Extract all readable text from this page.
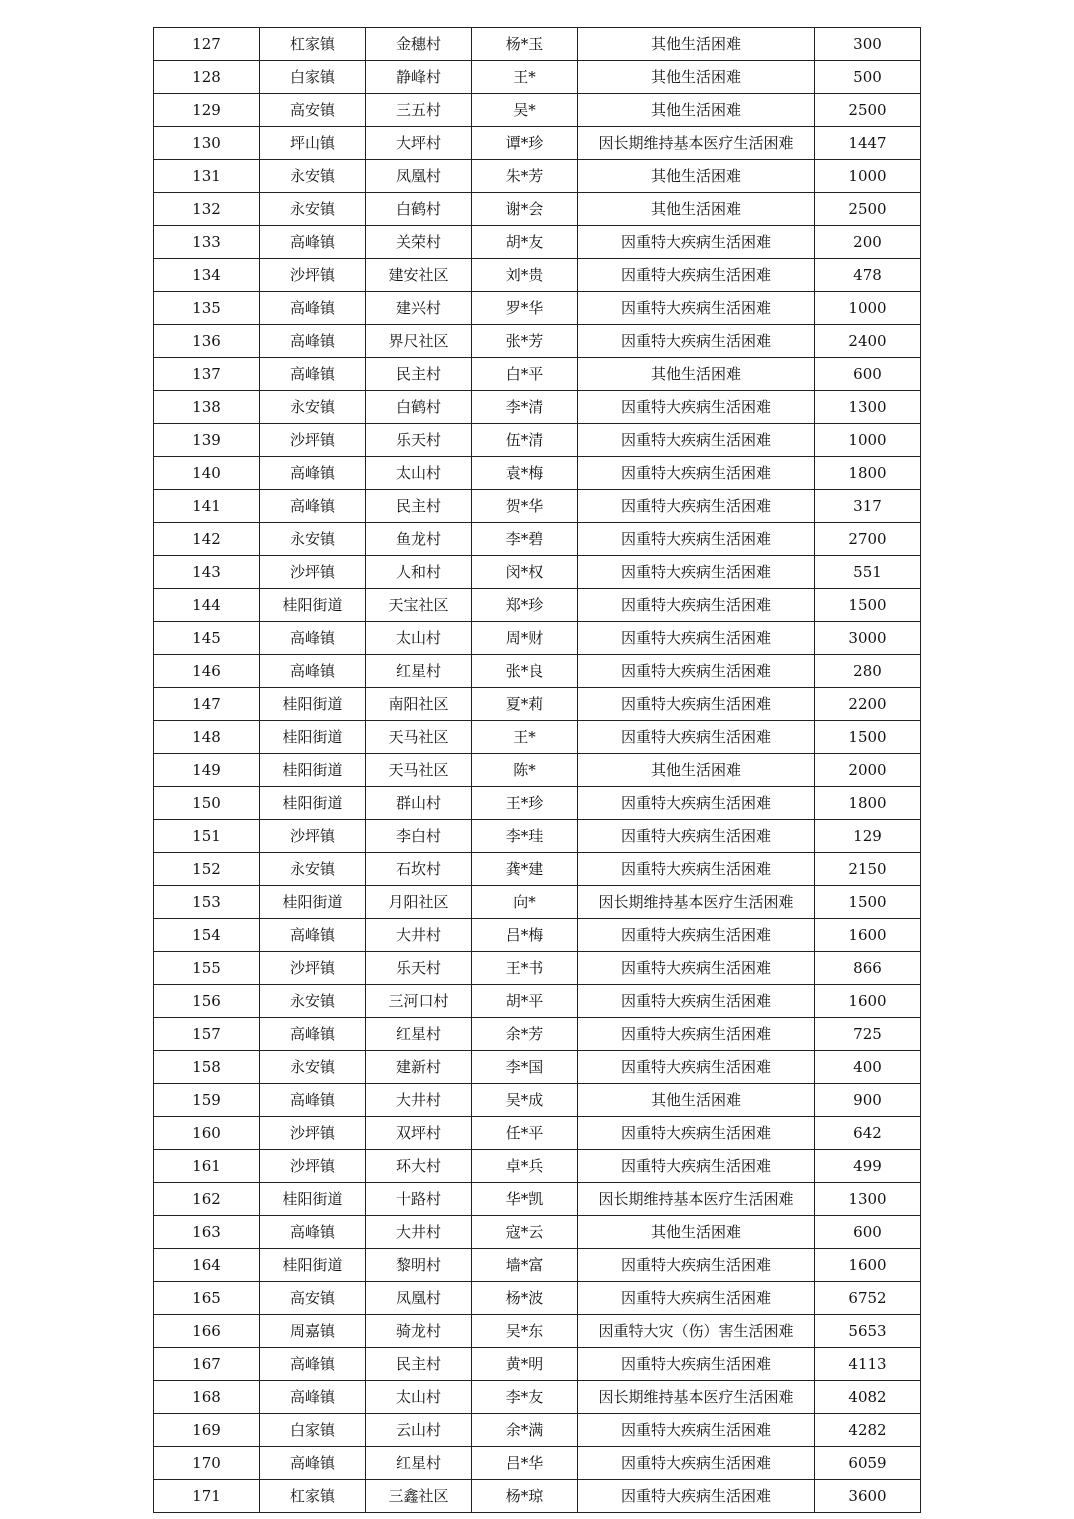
127	杠家镇	金穗村	杨*玉	其他生活困难	300
128	白家镇	静峰村	王*	其他生活困难	500
129	高安镇	三五村	吴*	其他生活困难	2500
130	坪山镇	大坪村	谭*珍	因长期维持基本医疗生活困难	1447
131	永安镇	凤凰村	朱*芳	其他生活困难	1000
132	永安镇	白鹤村	谢*会	其他生活困难	2500
133	高峰镇	关荣村	胡*友	因重特大疾病生活困难	200
134	沙坪镇	建安社区	刘*贵	因重特大疾病生活困难	478
135	高峰镇	建兴村	罗*华	因重特大疾病生活困难	1000
136	高峰镇	界尺社区	张*芳	因重特大疾病生活困难	2400
137	高峰镇	民主村	白*平	其他生活困难	600
138	永安镇	白鹤村	李*清	因重特大疾病生活困难	1300
139	沙坪镇	乐天村	伍*清	因重特大疾病生活困难	1000
140	高峰镇	太山村	袁*梅	因重特大疾病生活困难	1800
141	高峰镇	民主村	贺*华	因重特大疾病生活困难	317
142	永安镇	鱼龙村	李*碧	因重特大疾病生活困难	2700
143	沙坪镇	人和村	闵*权	因重特大疾病生活困难	551
144	桂阳街道	天宝社区	郑*珍	因重特大疾病生活困难	1500
145	高峰镇	太山村	周*财	因重特大疾病生活困难	3000
146	高峰镇	红星村	张*良	因重特大疾病生活困难	280
147	桂阳街道	南阳社区	夏*莉	因重特大疾病生活困难	2200
148	桂阳街道	天马社区	王*	因重特大疾病生活困难	1500
149	桂阳街道	天马社区	陈*	其他生活困难	2000
150	桂阳街道	群山村	王*珍	因重特大疾病生活困难	1800
151	沙坪镇	李白村	李*珪	因重特大疾病生活困难	129
152	永安镇	石坎村	龚*建	因重特大疾病生活困难	2150
153	桂阳街道	月阳社区	向*	因长期维持基本医疗生活困难	1500
154	高峰镇	大井村	吕*梅	因重特大疾病生活困难	1600
155	沙坪镇	乐天村	王*书	因重特大疾病生活困难	866
156	永安镇	三河口村	胡*平	因重特大疾病生活困难	1600
157	高峰镇	红星村	余*芳	因重特大疾病生活困难	725
158	永安镇	建新村	李*国	因重特大疾病生活困难	400
159	高峰镇	大井村	吴*成	其他生活困难	900
160	沙坪镇	双坪村	任*平	因重特大疾病生活困难	642
161	沙坪镇	环大村	卓*兵	因重特大疾病生活困难	499
162	桂阳街道	十路村	华*凯	因长期维持基本医疗生活困难	1300
163	高峰镇	大井村	寇*云	其他生活困难	600
164	桂阳街道	黎明村	墙*富	因重特大疾病生活困难	1600
165	高安镇	凤凰村	杨*波	因重特大疾病生活困难	6752
166	周嘉镇	骑龙村	吴*东	因重特大灾（伤）害生活困难	5653
167	高峰镇	民主村	黄*明	因重特大疾病生活困难	4113
168	高峰镇	太山村	李*友	因长期维持基本医疗生活困难	4082
169	白家镇	云山村	余*满	因重特大疾病生活困难	4282
170	高峰镇	红星村	吕*华	因重特大疾病生活困难	6059
171	杠家镇	三鑫社区	杨*琼	因重特大疾病生活困难	3600
